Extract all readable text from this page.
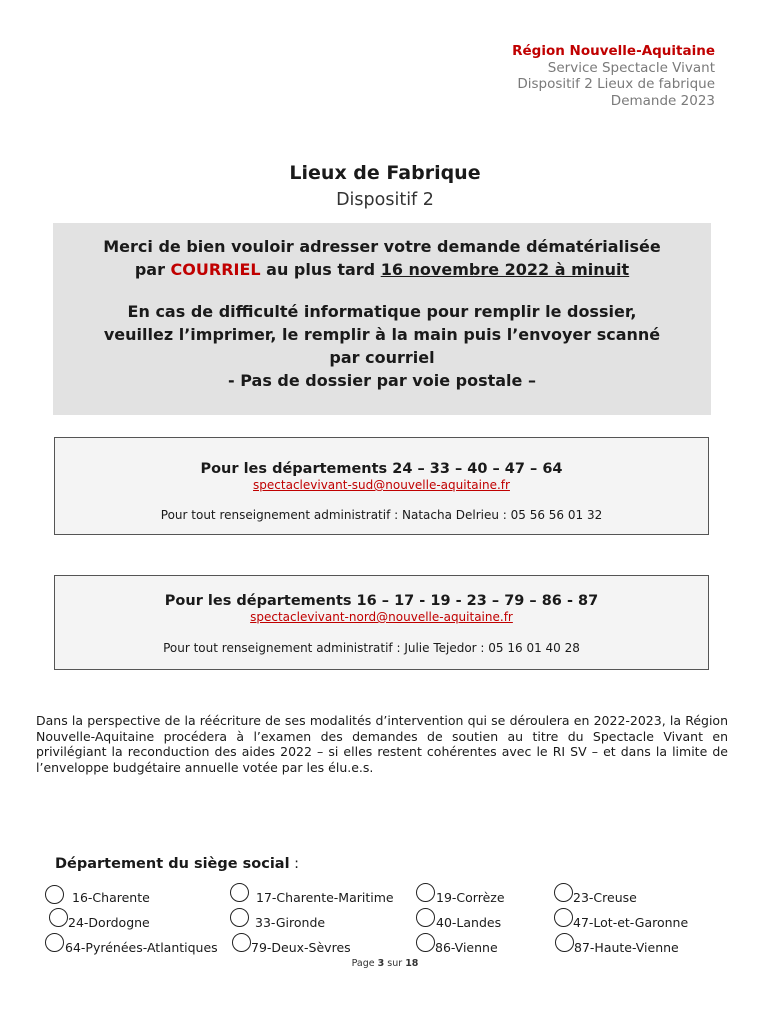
Région Nouvelle-Aquitaine
Service Spectacle Vivant
Dispositif 2 Lieux de fabrique
Demande 2023
Lieux de Fabrique
Dispositif 2
Merci de bien vouloir adresser votre demande dématérialisée
par COURRIEL au plus tard 16 novembre 2022 à minuit
En cas de difficulté informatique pour remplir le dossier,
veuillez l’imprimer, le remplir à la main puis l’envoyer scanné
par courriel
- Pas de dossier par voie postale –
Pour les départements 24 – 33 – 40 – 47 – 64
spectaclevivant-sud@nouvelle-aquitaine.fr
Pour tout renseignement administratif : Natacha Delrieu : 05 56 56 01 32
Pour les départements 16 – 17 - 19 - 23 – 79 – 86 - 87
spectaclevivant-nord@nouvelle-aquitaine.fr
Pour tout renseignement administratif : Julie Tejedor : 05 16 01 40 28
Dans la perspective de la réécriture de ses modalités d’intervention qui se déroulera en 2022-2023, la Région Nouvelle-Aquitaine procédera à l’examen des demandes de soutien au titre du Spectacle Vivant en privilégiant la reconduction des aides 2022 – si elles restent cohérentes avec le RI SV – et dans la limite de l’enveloppe budgétaire annuelle votée par les élu.e.s.
Département du siège social :
16-Charente	17-Charente-Maritime	19-Corrèze	23-Creuse
24-Dordogne	33-Gironde	40-Landes	47-Lot-et-Garonne
64-Pyrénées-Atlantiques	79-Deux-Sèvres	86-Vienne	87-Haute-Vienne
Page 3 sur 18
